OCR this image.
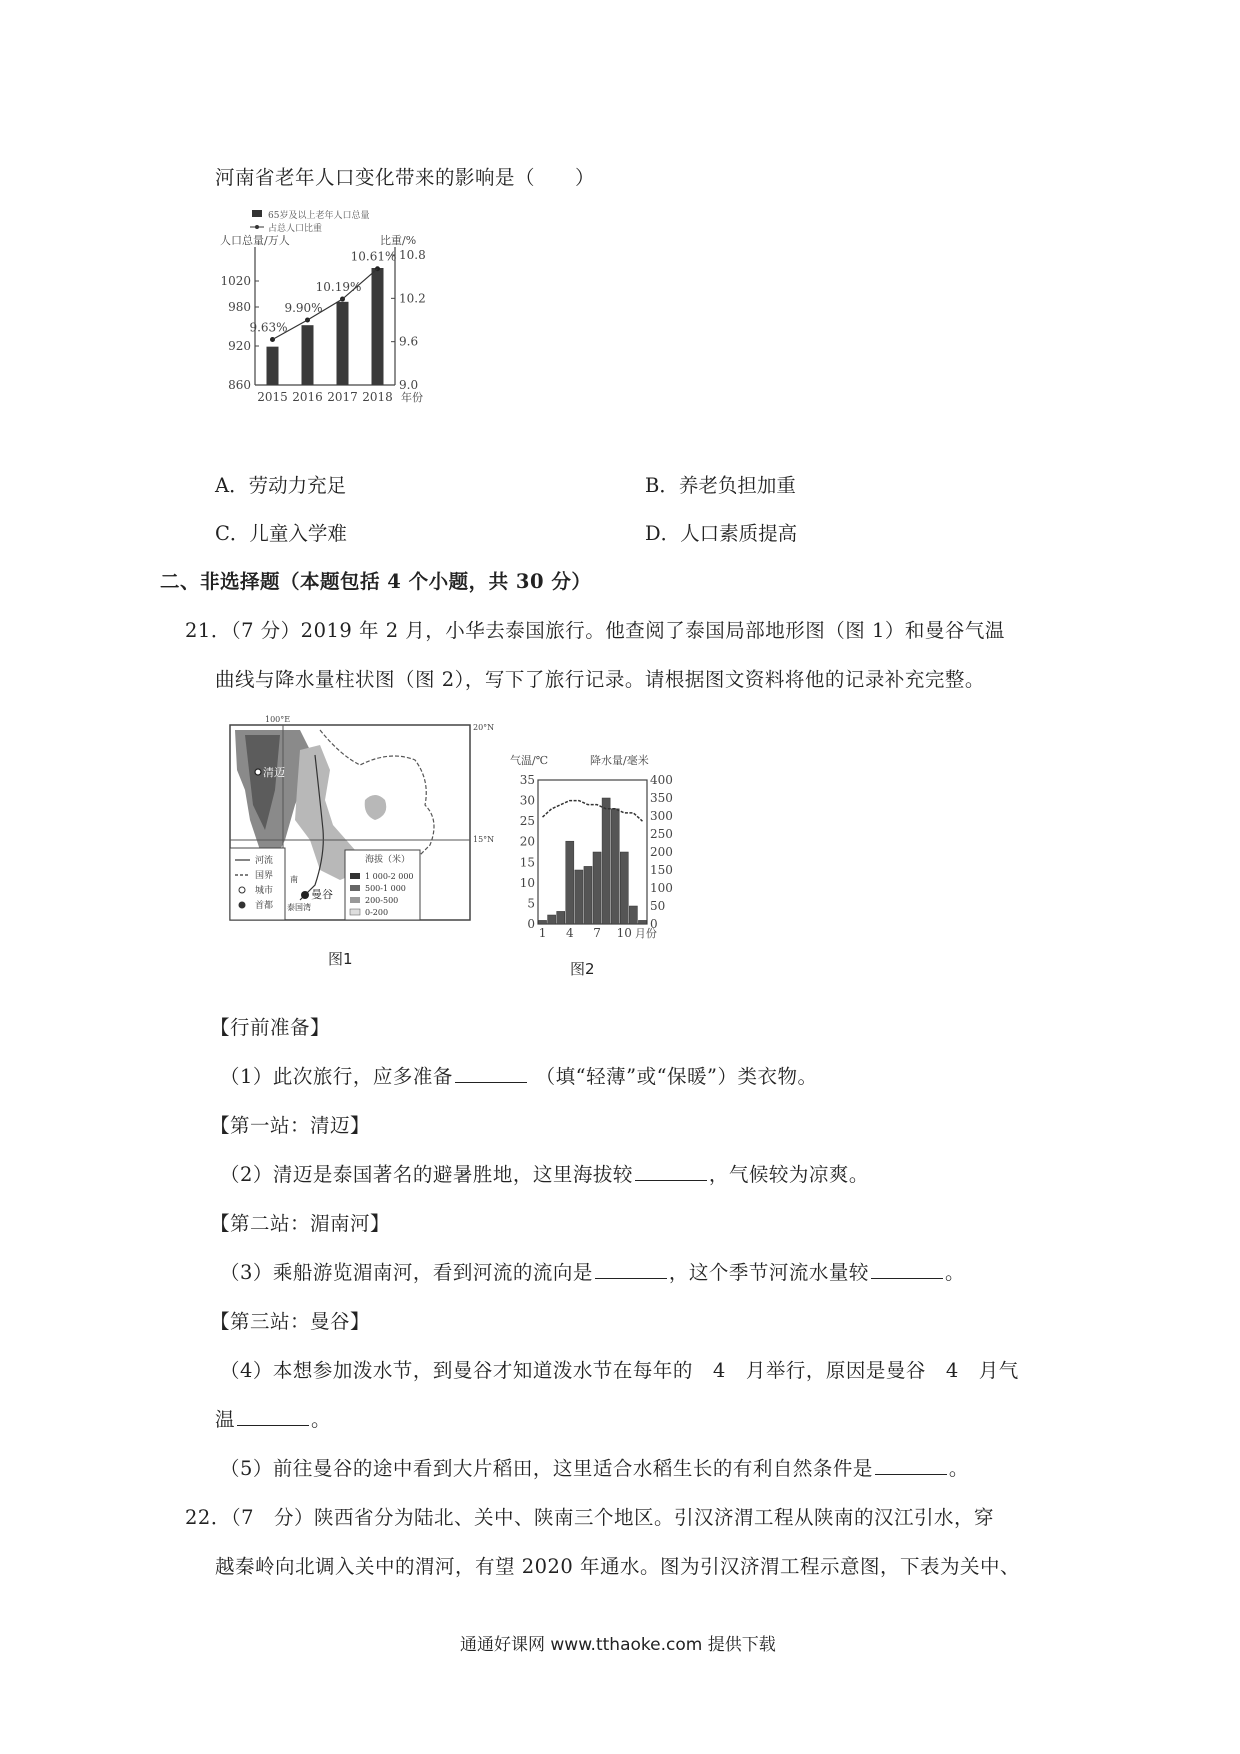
河南省老年人口变化带来的影响是（　　）
65岁及以上老年人口总量
占总人口比重
人口总量/万人	比重/%
860
920
980
1020
9.0
9.6
10.2
10.8
2015
9.63%
2016
9.90%
2017
10.19%
2018
10.61%
年份
A．劳动力充足	B．养老负担加重
C．儿童入学难	D．人口素质提高
二、非选择题（本题包括 4 个小题，共 30 分）
21．（7 分）2019 年 2 月，小华去泰国旅行。他查阅了泰国局部地形图（图 1）和曼谷气温
曲线与降水量柱状图（图 2），写下了旅行记录。请根据图文资料将他的记录补充完整。
100°E
20°N
15°N
清迈
曼谷
南
泰国湾
河流
国界
城市
首都
海拔（米）
1 000-2 000
500-1 000
200-500
0-200
图1
气温/℃	降水量/毫米
0
5
10
15
20
25
30
35
0
50
100
150
200
250
300
350
400
1 4 7 10 月份
图2
【行前准备】
（1）此次旅行，应多准备	（填“轻薄”或“保暖”）类衣物。
【第一站：清迈】
（2）清迈是泰国著名的避暑胜地，这里海拔较	，气候较为凉爽。
【第二站：湄南河】
（3）乘船游览湄南河，看到河流的流向是	，这个季节河流水量较	。
【第三站：曼谷】
（4）本想参加泼水节，到曼谷才知道泼水节在每年的　4　月举行，原因是曼谷　4　月气
温	。
（5）前往曼谷的途中看到大片稻田，这里适合水稻生长的有利自然条件是	。
22．（7　分）陕西省分为陆北、关中、陕南三个地区。引汉济渭工程从陕南的汉江引水，穿
越秦岭向北调入关中的渭河，有望 2020 年通水。图为引汉济渭工程示意图，下表为关中、
通通好课网 www.tthaoke.com 提供下载
